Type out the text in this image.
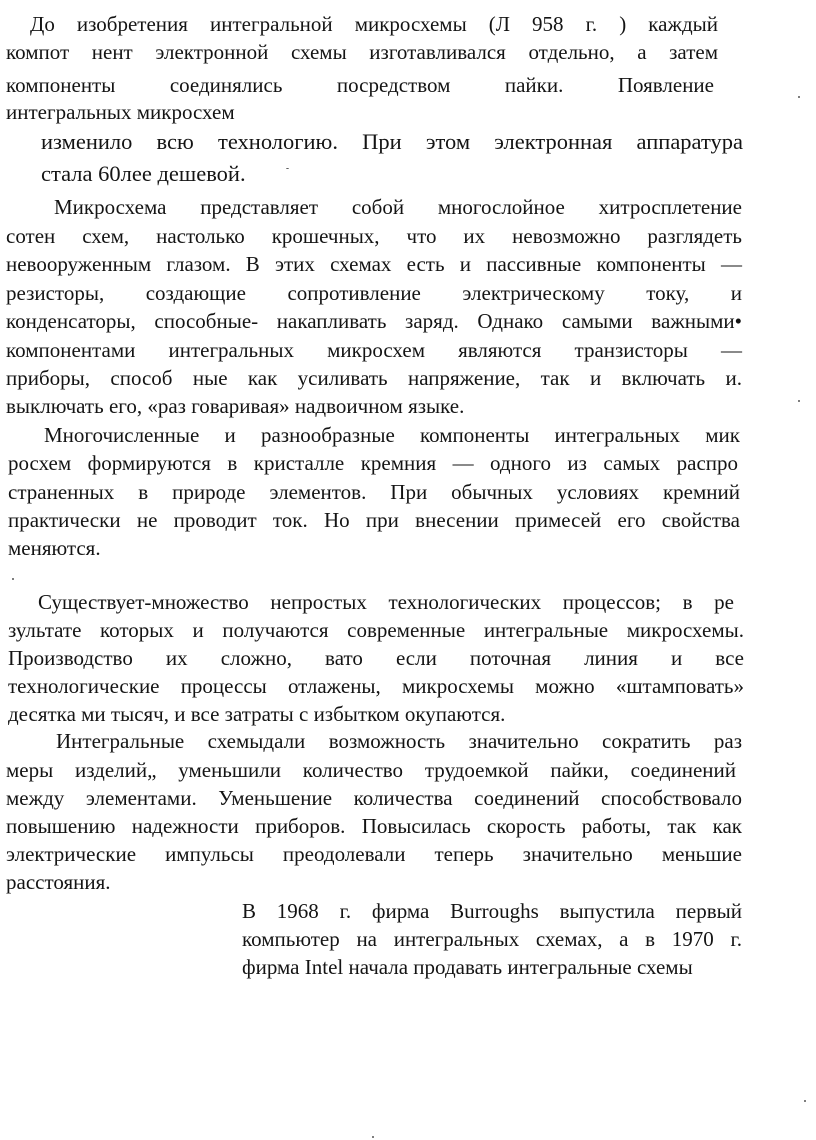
До изобретения интегральной микросхемы (Л 958 г. ) каждый
компот нент электронной схемы изготавливался отдельно, а затем
компоненты соединялись посредством пайки. Появление
интегральных микросхем
изменило всю технологию. При этом электронная аппаратура
стала 60лее дешевой.
Микросхема представляет собой многослойное хитросплетение
сотен схем, настолько крошечных, что их невозможно разглядеть
невооруженным глазом. В этих схемах есть и пассивные компоненты —
резисторы, создающие сопротивление электрическому току, и
конденсаторы, способные- накапливать заряд. Однако самыми важными•
компонентами интегральных микросхем являются транзисторы —
приборы, способ ные как усиливать напряжение, так и включать и.
выключать его, «раз говаривая» надвоичном языке.
Многочисленные и разнообразные компоненты интегральных мик
росхем формируются в кристалле кремния — одного из самых распро
страненных в природе элементов. При обычных условиях кремний
практически не проводит ток. Но при внесении примесей его свойства
меняются.
Существует-множество непростых технологических процессов; в ре
зультате которых и получаются современные интегральные микросхемы.
Производство их сложно, вато если поточная линия и все
технологические процессы отлажены, микросхемы можно «штамповать»
десятка ми тысяч, и все затраты с избытком окупаются.
Интегральные схемыдали возможность значительно сократить раз
меры изделий„ уменьшили количество трудоемкой пайки, соединений
между элементами. Уменьшение количества соединений способствовало
повышению надежности приборов. Повысилась скорость работы, так как
электрические импульсы преодолевали теперь значительно меньшие
расстояния.
В 1968 г. фирма Burroughs выпустила первый
компьютер на интегральных схемах, а в 1970 г.
фирма Intel начала продавать интегральные схемы
